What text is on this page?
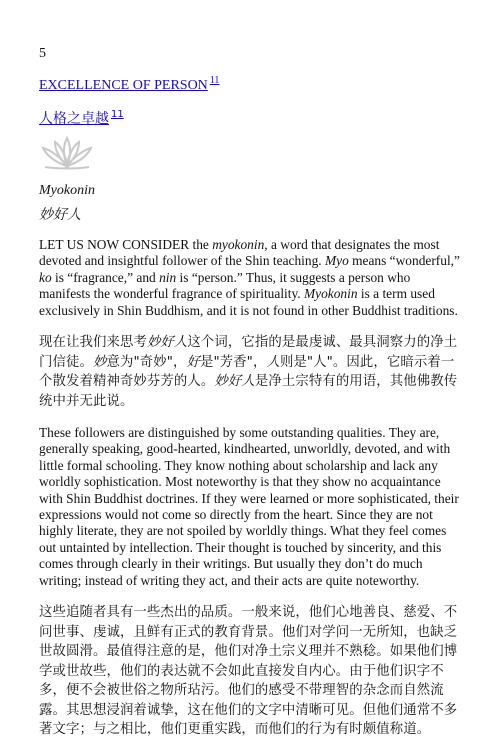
5
EXCELLENCE OF PERSON $^{11}$
人格之卓越 $^{11}$
Myokonin
妙好人

LET US NOW CONSIDER the myokonin, a word that designates the most devoted and insightful follower of the Shin teaching. Myo means “wonderful,” ko is “fragrance,” and nin is “person.” Thus, it suggests a person who manifests the wonderful fragrance of spirituality. Myokonin is a term used exclusively in Shin Buddhism, and it is not found in other Buddhist traditions.

现在让我们来思考妙好人这个词，它指的是最虔诚、最具洞察力的净土门信徒。妙意为"奇妙"，好是"芳香"，人则是"人"。因此，它暗示着一个散发着精神奇妙芬芳的人。妙好人是净土宗特有的用语，其他佛教传统中并无此说。

These followers are distinguished by some outstanding qualities. They are, generally speaking, good-hearted, kindhearted, unworldly, devoted, and with little formal schooling. They know nothing about scholarship and lack any worldly sophistication. Most noteworthy is that they show no acquaintance with Shin Buddhist doctrines. If they were learned or more sophisticated, their expressions would not come so directly from the heart. Since they are not highly literate, they are not spoiled by worldly things. What they feel comes out untainted by intellection. Their thought is touched by sincerity, and this comes through clearly in their writings. But usually they don’t do much writing; instead of writing they act, and their acts are quite noteworthy.

这些追随者具有一些杰出的品质。一般来说，他们心地善良、慈爱、不问世事、虔诚，且鲜有正式的教育背景。他们对学问一无所知，也缺乏世故圆滑。最值得注意的是，他们对净土宗义理并不熟稔。如果他们博学或世故些，他们的表达就不会如此直接发自内心。由于他们识字不多，便不会被世俗之物所玷污。他们的感受不带理智的杂念而自然流露。其思想浸润着诚挚，这在他们的文字中清晰可见。但他们通常不多著文字；与之相比，他们更重实践，而他们的行为有时颇值称道。
